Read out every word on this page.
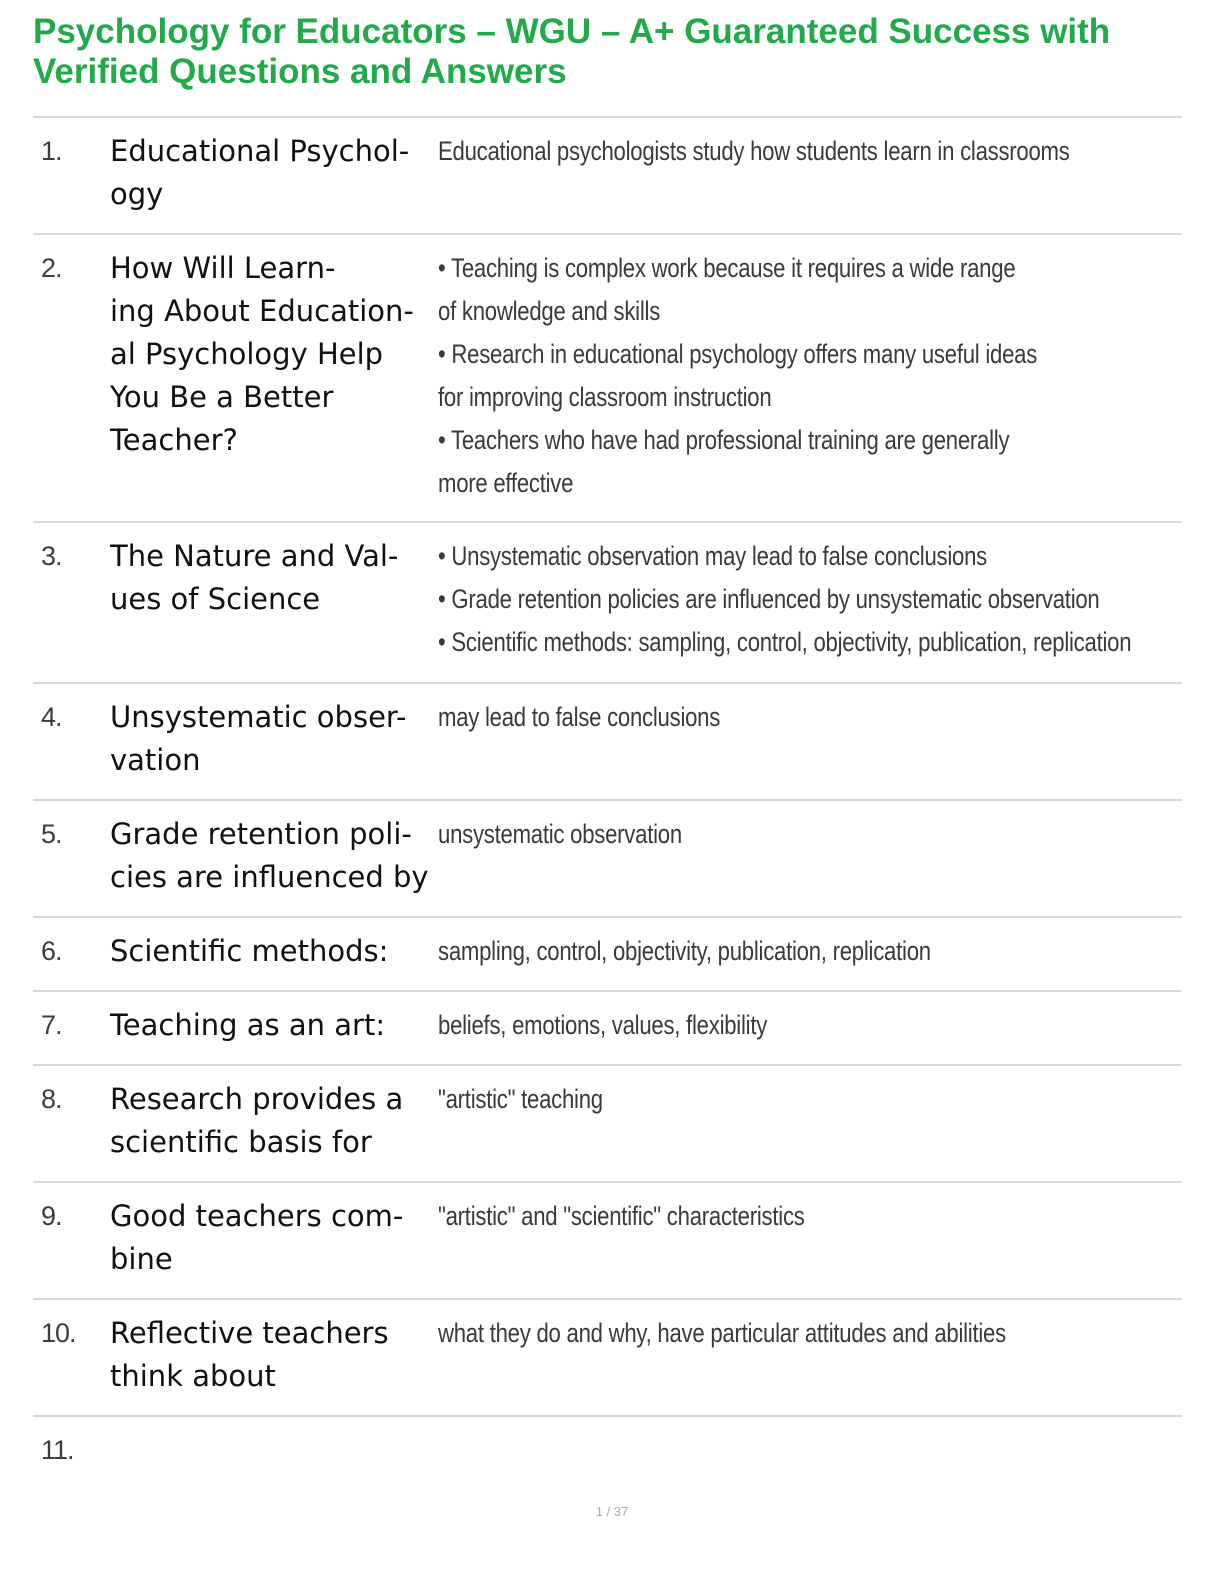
Psychology for Educators – WGU – A+ Guaranteed Success with
Verified Questions and Answers
1. Educational Psychol-
ogy
Educational psychologists study how students learn in classrooms
2. How Will Learn-
ing About Education-
al Psychology Help
You Be a Better
Teacher?
• Teaching is complex work because it requires a wide range
of knowledge and skills
• Research in educational psychology offers many useful ideas
for improving classroom instruction
• Teachers who have had professional training are generally
more effective
3. The Nature and Val-
ues of Science
• Unsystematic observation may lead to false conclusions
• Grade retention policies are influenced by unsystematic observation
• Scientific methods: sampling, control, objectivity, publication, replication
4. Unsystematic obser-
vation
may lead to false conclusions
5. Grade retention poli-
cies are influenced by
unsystematic observation
6. Scientific methods:	sampling, control, objectivity, publication, replication
7. Teaching as an art:	beliefs, emotions, values, flexibility
8. Research provides a
scientific basis for
"artistic" teaching
9. Good teachers com-
bine
"artistic" and "scientific" characteristics
10. Reflective teachers
think about
what they do and why, have particular attitudes and abilities
11.
1 / 37
